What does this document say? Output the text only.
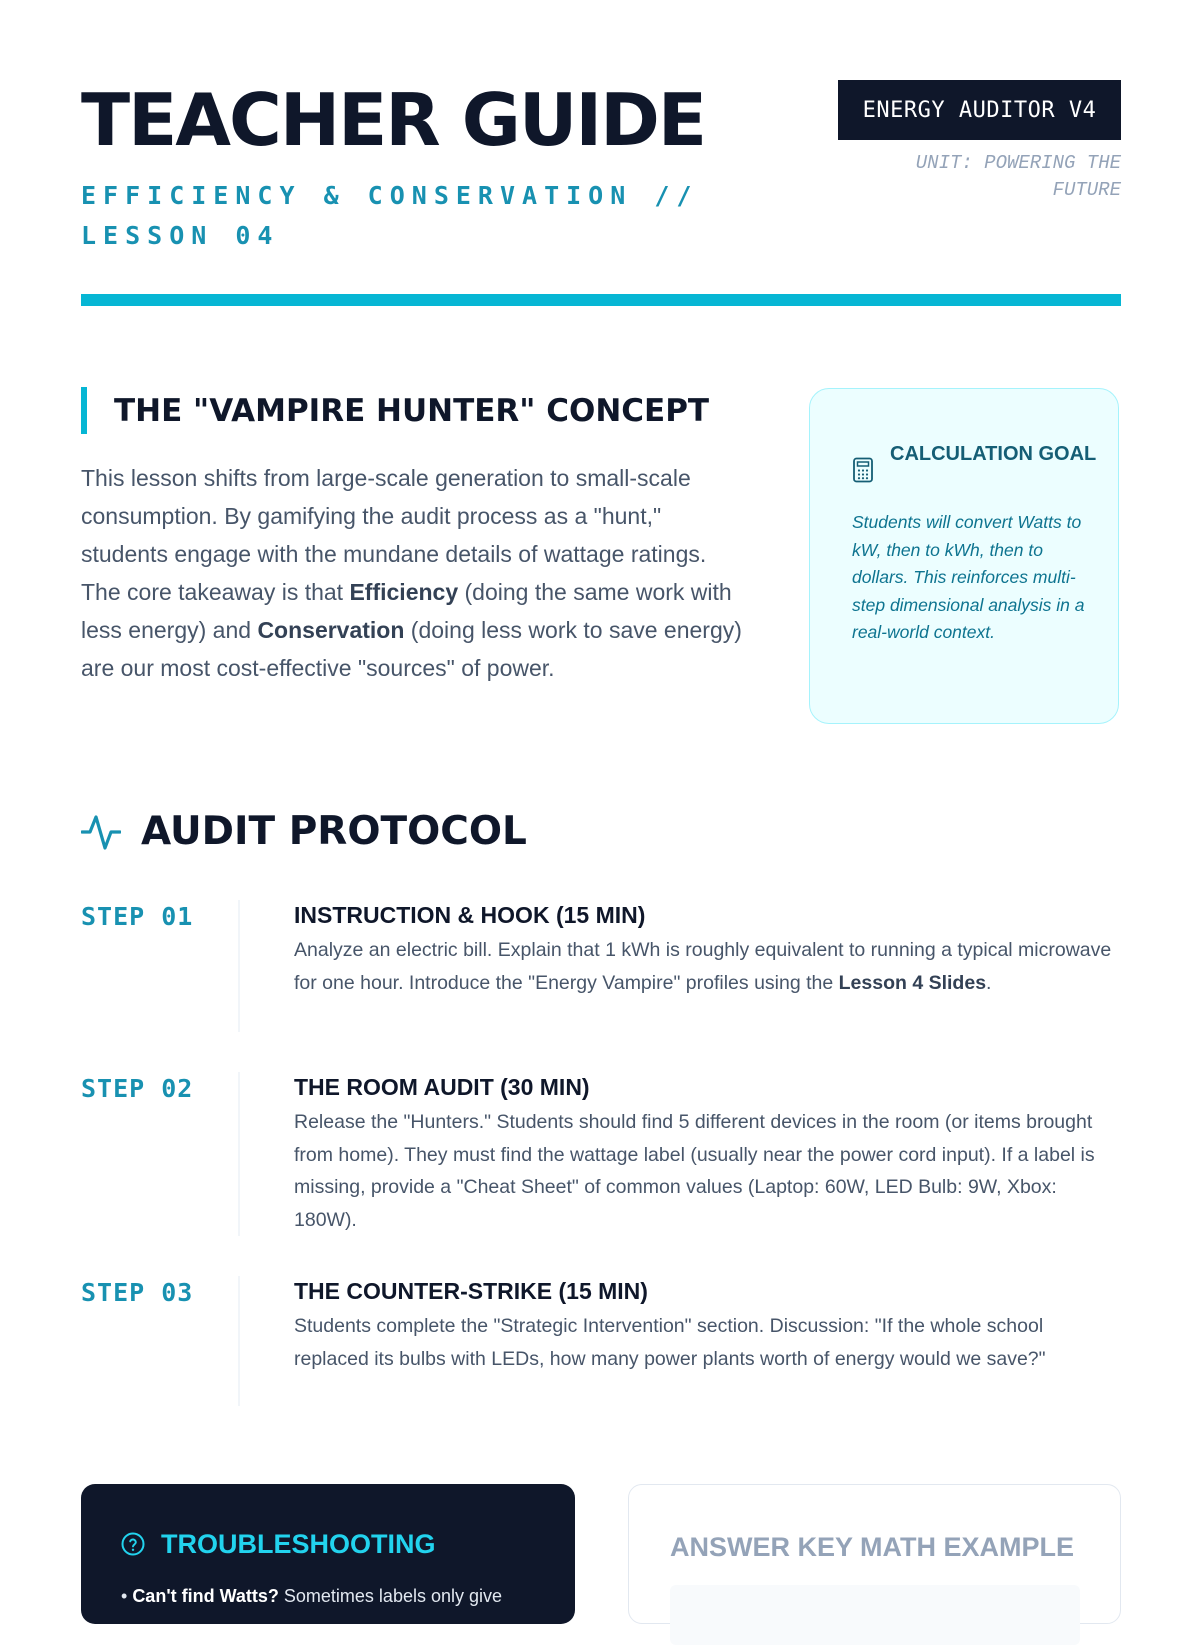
TEACHER GUIDE
EFFICIENCY & CONSERVATION // LESSON 04
ENERGY AUDITOR V4
UNIT: POWERING THE FUTURE
THE "VAMPIRE HUNTER" CONCEPT

This lesson shifts from large-scale generation to small-scale consumption. By gamifying the audit process as a "hunt," students engage with the mundane details of wattage ratings. The core takeaway is that Efficiency (doing the same work with less energy) and Conservation (doing less work to save energy) are our most cost-effective "sources" of power.

CALCULATION GOAL

Students will convert Watts to kW, then to kWh, then to dollars. This reinforces multi-step dimensional analysis in a real-world context.

AUDIT PROTOCOL
STEP 01	INSTRUCTION & HOOK (15 MIN)

Analyze an electric bill. Explain that 1 kWh is roughly equivalent to running a typical microwave for one hour. Introduce the "Energy Vampire" profiles using the Lesson 4 Slides.

STEP 02	THE ROOM AUDIT (30 MIN)

Release the "Hunters." Students should find 5 different devices in the room (or items brought from home). They must find the wattage label (usually near the power cord input). If a label is missing, provide a "Cheat Sheet" of common values (Laptop: 60W, LED Bulb: 9W, Xbox: 180W).

STEP 03	THE COUNTER-STRIKE (15 MIN)

Students complete the "Strategic Intervention" section. Discussion: "If the whole school replaced its bulbs with LEDs, how many power plants worth of energy would we save?"

TROUBLESHOOTING

• Can't find Watts? Sometimes labels only give

ANSWER KEY MATH EXAMPLE
